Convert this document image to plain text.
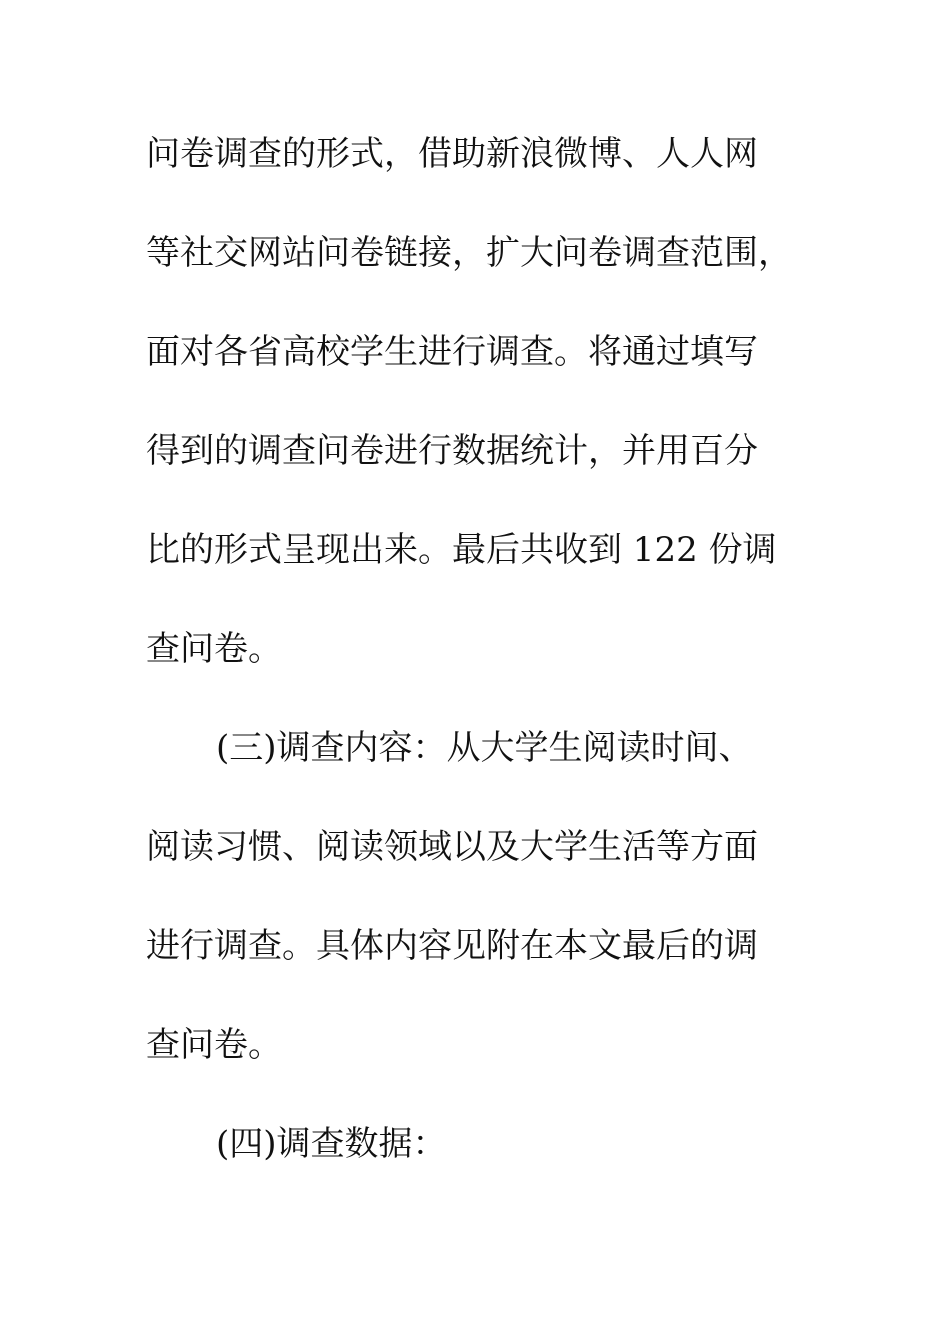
问卷调查的形式，借助新浪微博、人人网
等社交网站问卷链接，扩大问卷调查范围，
面对各省高校学生进行调查。将通过填写
得到的调查问卷进行数据统计，并用百分
比的形式呈现出来。最后共收到 122 份调
查问卷。
(三)调查内容：从大学生阅读时间、
阅读习惯、阅读领域以及大学生活等方面
进行调查。具体内容见附在本文最后的调
查问卷。
(四)调查数据：
